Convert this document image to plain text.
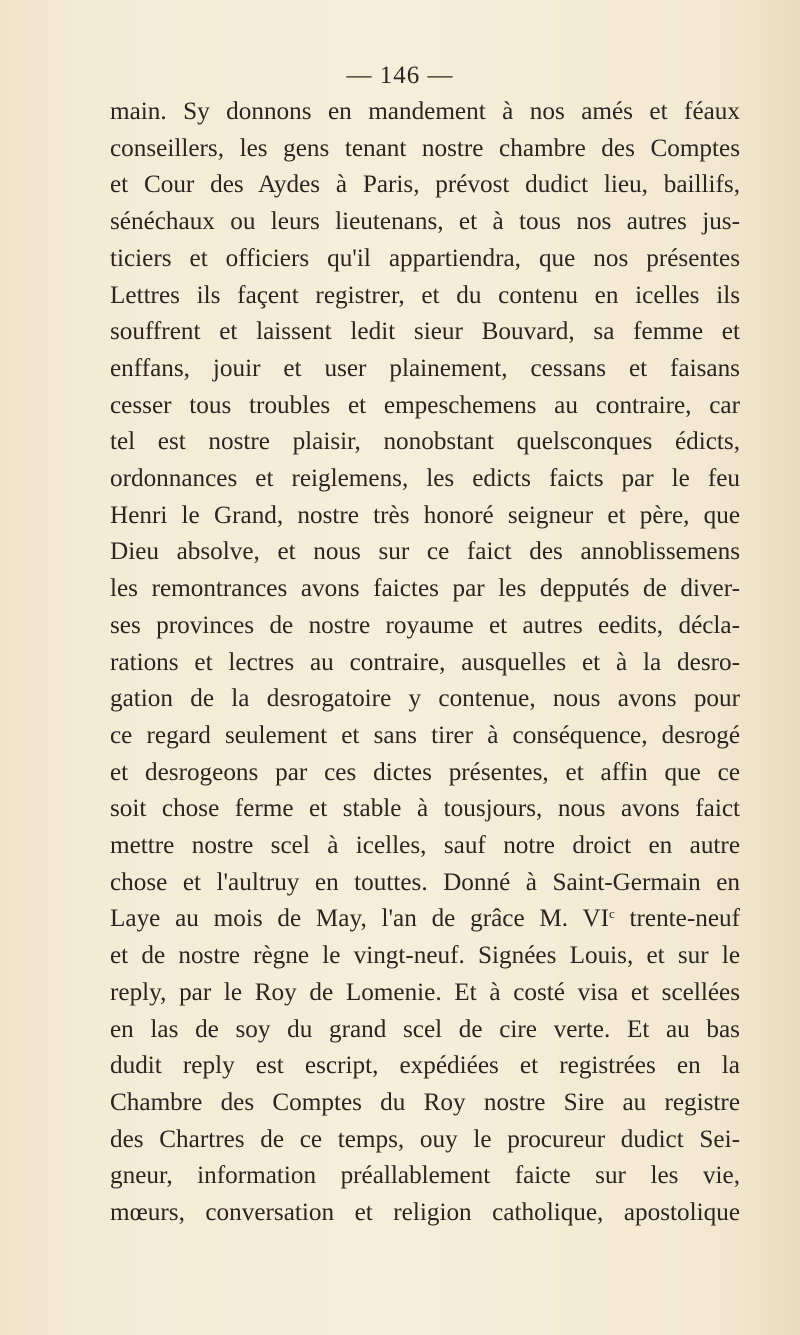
— 146 —
main. Sy donnons en mandement à nos amés et féaux
conseillers, les gens tenant nostre chambre des Comptes
et Cour des Aydes à Paris, prévost dudict lieu, baillifs,
sénéchaux ou leurs lieutenans, et à tous nos autres jus-
ticiers et officiers qu'il appartiendra, que nos présentes
Lettres ils façent registrer, et du contenu en icelles ils
souffrent et laissent ledit sieur Bouvard, sa femme et
enffans, jouir et user plainement, cessans et faisans
cesser tous troubles et empeschemens au contraire, car
tel est nostre plaisir, nonobstant quelsconques édicts,
ordonnances et reiglemens, les edicts faicts par le feu
Henri le Grand, nostre très honoré seigneur et père, que
Dieu absolve, et nous sur ce faict des annoblissemens
les remontrances avons faictes par les depputés de diver-
ses provinces de nostre royaume et autres eedits, décla-
rations et lectres au contraire, ausquelles et à la desro-
gation de la desrogatoire y contenue, nous avons pour
ce regard seulement et sans tirer à conséquence, desrogé
et desrogeons par ces dictes présentes, et affin que ce
soit chose ferme et stable à tousjours, nous avons faict
mettre nostre scel à icelles, sauf notre droict en autre
chose et l'aultruy en touttes. Donné à Saint-Germain en
Laye au mois de May, l'an de grâce M. $VI^c$ trente-neuf
et de nostre règne le vingt-neuf. Signées Louis, et sur le
reply, par le Roy de Lomenie. Et à costé visa et scellées
en las de soy du grand scel de cire verte. Et au bas
dudit reply est escript, expédiées et registrées en la
Chambre des Comptes du Roy nostre Sire au registre
des Chartres de ce temps, ouy le procureur dudict Sei-
gneur, information préallablement faicte sur les vie,
mœurs, conversation et religion catholique, apostolique
